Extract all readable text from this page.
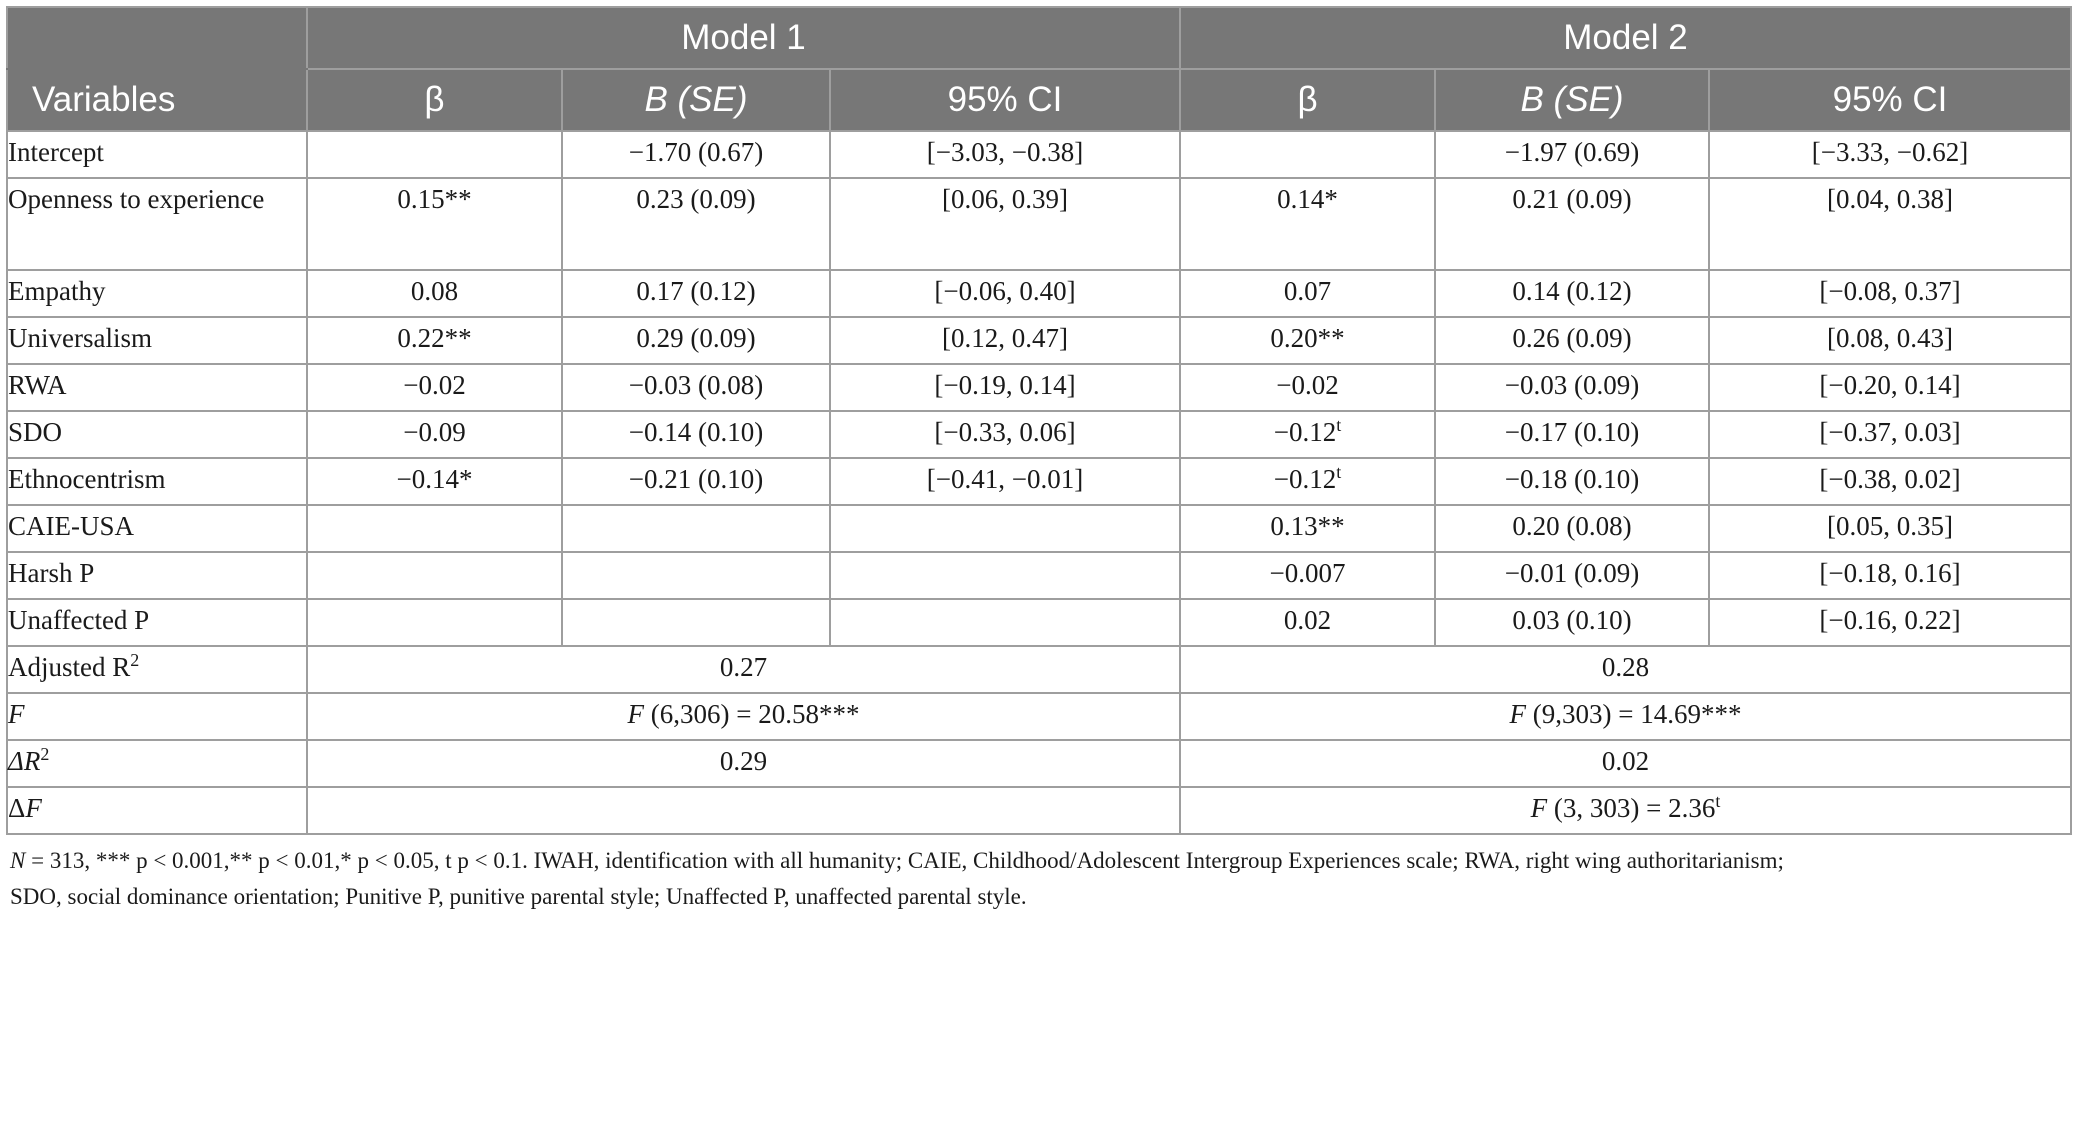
	Model 1			Model 2		
Variables	β	B (SE)	95% CI	β	B (SE)	95% CI
Intercept		−1.70 (0.67)	[−3.03, −0.38]		−1.97 (0.69)	[−3.33, −0.62]
Openness to experience	0.15**	0.23 (0.09)	[0.06, 0.39]	0.14*	0.21 (0.09)	[0.04, 0.38]
Empathy	0.08	0.17 (0.12)	[−0.06, 0.40]	0.07	0.14 (0.12)	[−0.08, 0.37]
Universalism	0.22**	0.29 (0.09)	[0.12, 0.47]	0.20**	0.26 (0.09)	[0.08, 0.43]
RWA	−0.02	−0.03 (0.08)	[−0.19, 0.14]	−0.02	−0.03 (0.09)	[−0.20, 0.14]
SDO	−0.09	−0.14 (0.10)	[−0.33, 0.06]	$-0.12^t$	−0.17 (0.10)	[−0.37, 0.03]
Ethnocentrism	−0.14*	−0.21 (0.10)	[−0.41, −0.01]	$-0.12^t$	−0.18 (0.10)	[−0.38, 0.02]
CAIE-USA				0.13**	0.20 (0.08)	[0.05, 0.35]
Harsh P				−0.007	−0.01 (0.09)	[−0.18, 0.16]
Unaffected P				0.02	0.03 (0.10)	[−0.16, 0.22]
Adjusted $R^2$	0.27			0.28		
F	F (6,306) = 20.58***			F (9,303) = 14.69***		
$\Delta R^2$	0.29			0.02		
ΔF				F (3, $303) = 2.36^t$
N = 313, *** p < 0.001,** p < 0.01,* p < 0.05, t p < 0.1. IWAH, identification with all humanity; CAIE, Childhood/Adolescent Intergroup Experiences scale; RWA, right wing authoritarianism;
SDO, social dominance orientation; Punitive P, punitive parental style; Unaffected P, unaffected parental style.
